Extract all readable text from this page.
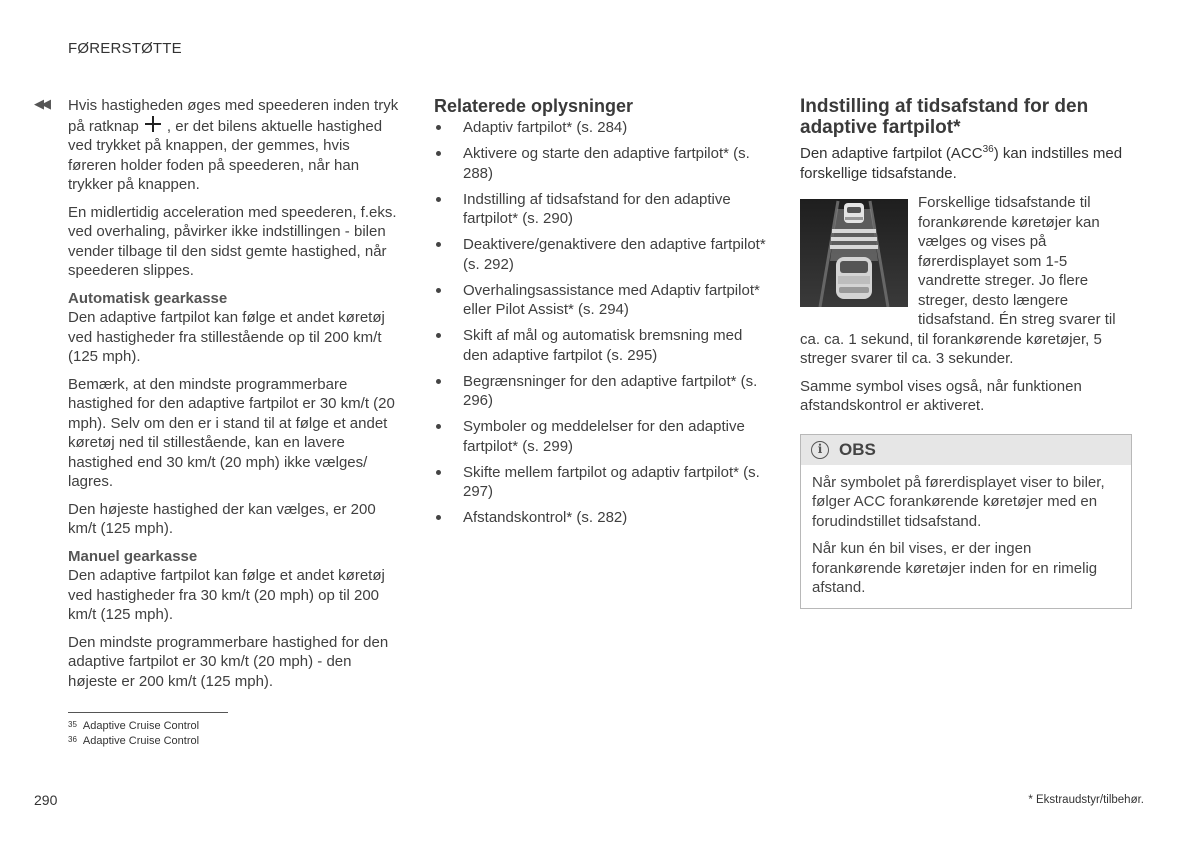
FØRERSTØTTE
◀◀ Hvis hastigheden øges med speederen inden tryk på ratknap , er det bilens aktuelle hastighed ved trykket på knappen, der gemmes, hvis føreren holder foden på speederen, når han trykker på knappen.

En midlertidig acceleration med speederen, f.eks. ved overhaling, påvirker ikke indstillingen - bilen vender tilbage til den sidst gemte hastighed, når speederen slippes.

Automatisk gearkasse

Den adaptive fartpilot kan følge et andet køretøj ved hastigheder fra stillestående op til 200 km/t (125 mph).

Bemærk, at den mindste programmerbare hastighed for den adaptive fartpilot er 30 km/t (20 mph). Selv om den er i stand til at følge et andet køretøj ned til stillestående, kan en lavere hastighed end 30 km/t (20 mph) ikke vælges/ lagres.

Den højeste hastighed der kan vælges, er 200 km/t (125 mph).

Manuel gearkasse

Den adaptive fartpilot kan følge et andet køretøj ved hastigheder fra 30 km/t (20 mph) op til 200 km/t (125 mph).

Den mindste programmerbare hastighed for den adaptive fartpilot er 30 km/t (20 mph) - den højeste er 200 km/t (125 mph).

Relaterede oplysninger
Adaptiv fartpilot* (s. 284)
Aktivere og starte den adaptive fartpilot* (s. 288)
Indstilling af tidsafstand for den adaptive fartpilot* (s. 290)
Deaktivere/genaktivere den adaptive fartpilot* (s. 292)
Overhalingsassistance med Adaptiv fartpilot* eller Pilot Assist* (s. 294)
Skift af mål og automatisk bremsning med den adaptive fartpilot (s. 295)
Begrænsninger for den adaptive fartpilot* (s. 296)
Symboler og meddelelser for den adaptive fartpilot* (s. 299)
Skifte mellem fartpilot og adaptiv fartpilot* (s. 297)
Afstandskontrol* (s. 282)
Indstilling af tidsafstand for den adaptive fartpilot*

Den adaptive fartpilot (ACC$^{36}$) kan indstilles med forskellige tidsafstande.

Forskellige tidsafstande til forankørende køretøjer kan vælges og vises på førerdisplayet som 1-5 vandrette streger. Jo flere streger, desto længere tidsafstand. Én streg svarer til ca. ca. 1 sekund, til forankørende køretøjer, 5 streger svarer til ca. 3 sekunder.

Samme symbol vises også, når funktionen afstandskontrol er aktiveret.

i OBS

Når symbolet på førerdisplayet viser to biler, følger ACC forankørende køretøjer med en forudindstillet tidsafstand.

Når kun én bil vises, er der ingen forankørende køretøjer inden for en rimelig afstand.

35 Adaptive Cruise Control
36 Adaptive Cruise Control
290	* Ekstraudstyr/tilbehør.
